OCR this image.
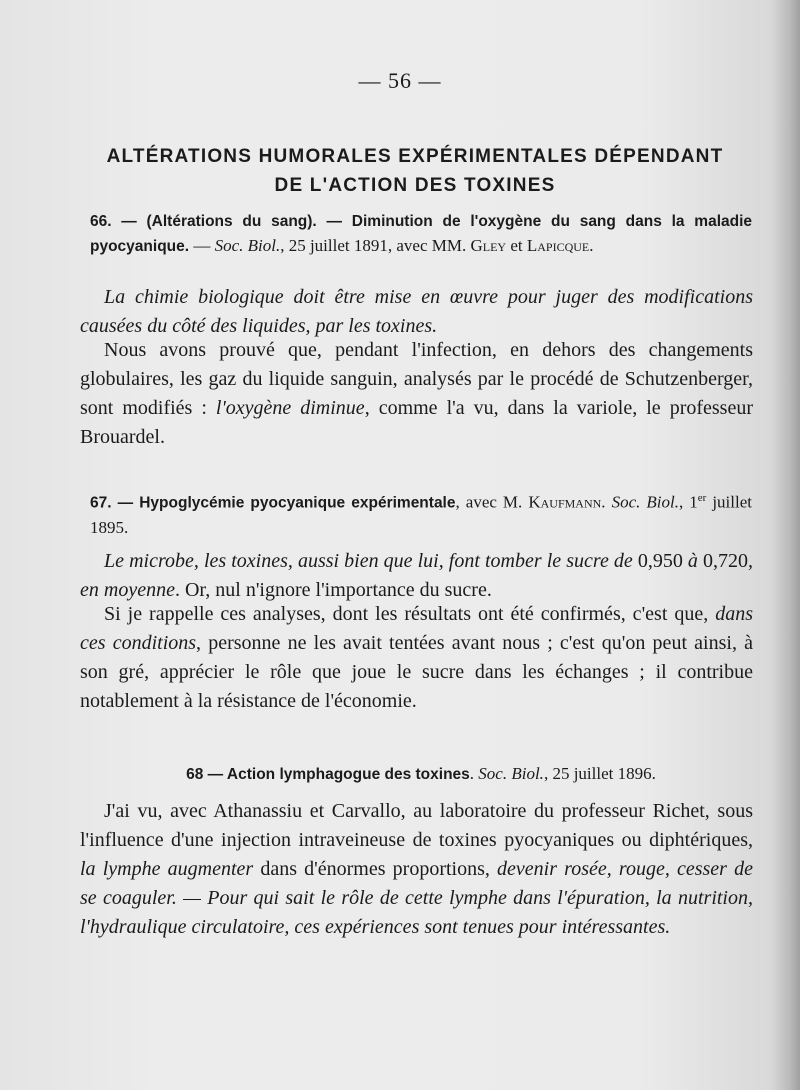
— 56 —
ALTÉRATIONS HUMORALES EXPÉRIMENTALES DÉPENDANT
DE L'ACTION DES TOXINES
66. — (Altérations du sang). — Diminution de l'oxygène du sang dans la maladie pyocyanique. — Soc. Biol., 25 juillet 1891, avec MM. Gley et Lapicque.
La chimie biologique doit être mise en œuvre pour juger des modifications causées du côté des liquides, par les toxines.
Nous avons prouvé que, pendant l'infection, en dehors des changements globulaires, les gaz du liquide sanguin, analysés par le procédé de Schutzenberger, sont modifiés : l'oxygène diminue, comme l'a vu, dans la variole, le professeur Brouardel.
67. — Hypoglycémie pyocyanique expérimentale, avec M. Kaufmann. Soc. Biol., 1er juillet 1895.
Le microbe, les toxines, aussi bien que lui, font tomber le sucre de 0,950 à 0,720, en moyenne. Or, nul n'ignore l'importance du sucre.
Si je rappelle ces analyses, dont les résultats ont été confirmés, c'est que, dans ces conditions, personne ne les avait tentées avant nous ; c'est qu'on peut ainsi, à son gré, apprécier le rôle que joue le sucre dans les échanges ; il contribue notablement à la résistance de l'économie.
68 — Action lymphagogue des toxines. Soc. Biol., 25 juillet 1896.
J'ai vu, avec Athanassiu et Carvallo, au laboratoire du professeur Richet, sous l'influence d'une injection intraveineuse de toxines pyocyaniques ou diphtériques, la lymphe augmenter dans d'énormes proportions, devenir rosée, rouge, cesser de se coaguler. — Pour qui sait le rôle de cette lymphe dans l'épuration, la nutrition, l'hydraulique circulatoire, ces expériences sont tenues pour intéressantes.
